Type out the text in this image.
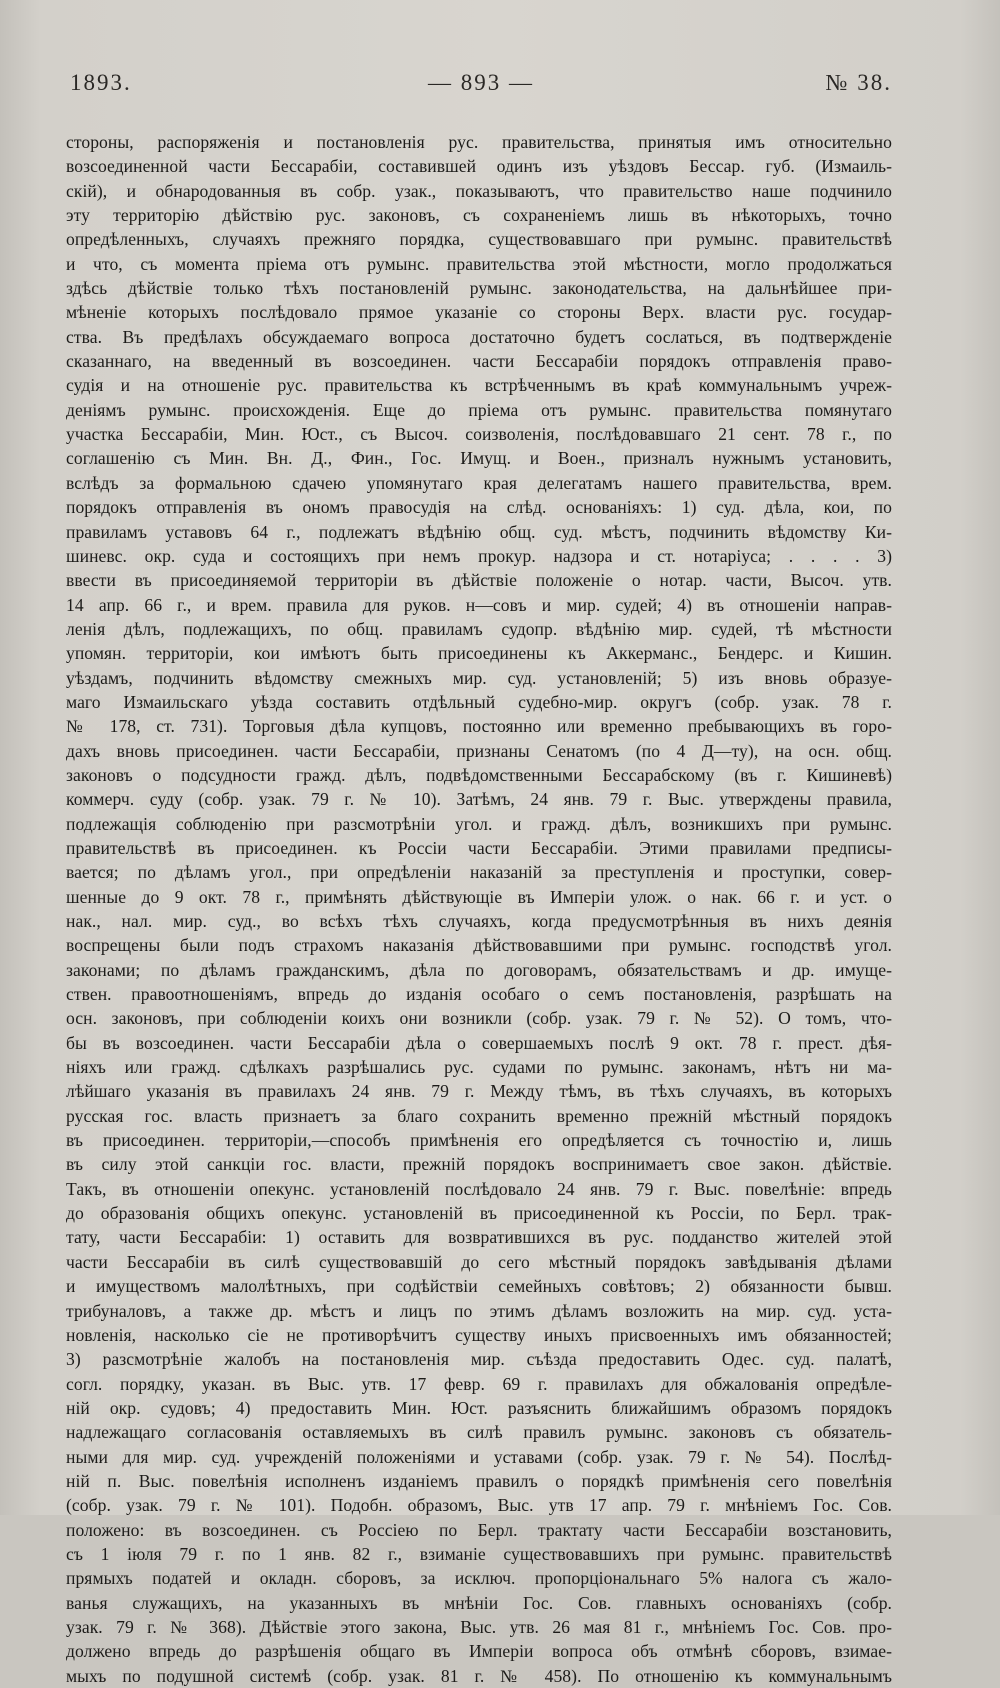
1893.	— 893 —	№ 38.
стороны, распоряженія и постановленія рус. правительства, принятыя имъ относительно
возсоединенной части Бессарабіи, составившей одинъ изъ уѣздовъ Бессар. губ. (Измаиль-
скій), и обнародованныя въ собр. узак., показываютъ, что правительство наше подчинило
эту территорію дѣйствію рус. законовъ, съ сохраненіемъ лишь въ нѣкоторыхъ, точно
опредѣленныхъ, случаяхъ прежняго порядка, существовавшаго при румынс. правительствѣ
и что, съ момента пріема отъ румынс. правительства этой мѣстности, могло продолжаться
здѣсь дѣйствіе только тѣхъ постановленій румынс. законодательства, на дальнѣйшее при-
мѣненіе которыхъ послѣдовало прямое указаніе со стороны Верх. власти рус. государ-
ства. Въ предѣлахъ обсуждаемаго вопроса достаточно будетъ сослаться, въ подтвержденіе
сказаннаго, на введенный въ возсоединен. части Бессарабіи порядокъ отправленія право-
судія и на отношеніе рус. правительства къ встрѣченнымъ въ краѣ коммунальнымъ учреж-
деніямъ румынс. происхожденія. Еще до пріема отъ румынс. правительства помянутаго
участка Бессарабіи, Мин. Юст., съ Высоч. соизволенія, послѣдовавшаго 21 сент. 78 г., по
соглашенію съ Мин. Вн. Д., Фин., Гос. Имущ. и Воен., призналъ нужнымъ установить,
вслѣдъ за формальною сдачею упомянутаго края делегатамъ нашего правительства, врем.
порядокъ отправленія въ ономъ правосудія на слѣд. основаніяхъ: 1) суд. дѣла, кои, по
правиламъ уставовъ 64 г., подлежатъ вѣдѣнію общ. суд. мѣстъ, подчинить вѣдомству Ки-
шиневс. окр. суда и состоящихъ при немъ прокур. надзора и ст. нотаріуса; . . . . 3)
ввести въ присоединяемой территоріи въ дѣйствіе положеніе о нотар. части, Высоч. утв.
14 апр. 66 г., и врем. правила для руков. н—совъ и мир. судей; 4) въ отношеніи направ-
ленія дѣлъ, подлежащихъ, по общ. правиламъ судопр. вѣдѣнію мир. судей, тѣ мѣстности
упомян. территоріи, кои имѣютъ быть присоединены къ Аккерманс., Бендерс. и Кишин.
уѣздамъ, подчинить вѣдомству смежныхъ мир. суд. установленій; 5) изъ вновь образуе-
маго Измаильскаго уѣзда составить отдѣльный судебно-мир. округъ (собр. узак. 78 г.
№ 178, ст. 731). Торговыя дѣла купцовъ, постоянно или временно пребывающихъ въ горо-
дахъ вновь присоединен. части Бессарабіи, признаны Сенатомъ (по 4 Д—ту), на осн. общ.
законовъ о подсудности гражд. дѣлъ, подвѣдомственными Бессарабскому (въ г. Кишиневѣ)
коммерч. суду (собр. узак. 79 г. № 10). Затѣмъ, 24 янв. 79 г. Выс. утверждены правила,
подлежащія соблюденію при разсмотрѣніи угол. и гражд. дѣлъ, возникшихъ при румынс.
правительствѣ въ присоединен. къ Россіи части Бессарабіи. Этими правилами предписы-
вается; по дѣламъ угол., при опредѣленіи наказаній за преступленія и проступки, совер-
шенные до 9 окт. 78 г., примѣнять дѣйствующіе въ Имперіи улож. о нак. 66 г. и уст. о
нак., нал. мир. суд., во всѣхъ тѣхъ случаяхъ, когда предусмотрѣнныя въ нихъ деянія
воспрещены были подъ страхомъ наказанія дѣйствовавшими при румынс. господствѣ угол.
законами; по дѣламъ гражданскимъ, дѣла по договорамъ, обязательствамъ и др. имуще-
ствен. правоотношеніямъ, впредь до изданія особаго о семъ постановленія, разрѣшать на
осн. законовъ, при соблюденіи коихъ они возникли (собр. узак. 79 г. № 52). О томъ, что-
бы въ возсоединен. части Бессарабіи дѣла о совершаемыхъ послѣ 9 окт. 78 г. прест. дѣя-
ніяхъ или гражд. сдѣлкахъ разрѣшались рус. судами по румынс. законамъ, нѣтъ ни ма-
лѣйшаго указанія въ правилахъ 24 янв. 79 г. Между тѣмъ, въ тѣхъ случаяхъ, въ которыхъ
русская гос. власть признаетъ за благо сохранить временно прежній мѣстный порядокъ
въ присоединен. территоріи,—способъ примѣненія его опредѣляется съ точностію и, лишь
въ силу этой санкціи гос. власти, прежній порядокъ воспринимаетъ свое закон. дѣйствіе.
Такъ, въ отношеніи опекунс. установленій послѣдовало 24 янв. 79 г. Выс. повелѣніе: впредь
до образованія общихъ опекунс. установленій въ присоединенной къ Россіи, по Берл. трак-
тату, части Бессарабіи: 1) оставить для возвратившихся въ рус. подданство жителей этой
части Бессарабіи въ силѣ существовавшій до сего мѣстный порядокъ завѣдыванія дѣлами
и имуществомъ малолѣтныхъ, при содѣйствіи семейныхъ совѣтовъ; 2) обязанности бывш.
трибуналовъ, а также др. мѣстъ и лицъ по этимъ дѣламъ возложить на мир. суд. уста-
новленія, насколько сіе не противорѣчитъ существу иныхъ присвоенныхъ имъ обязанностей;
3) разсмотрѣніе жалобъ на постановленія мир. съѣзда предоставить Одес. суд. палатѣ,
согл. порядку, указан. въ Выс. утв. 17 февр. 69 г. правилахъ для обжалованія опредѣле-
ній окр. судовъ; 4) предоставить Мин. Юст. разъяснить ближайшимъ образомъ порядокъ
надлежащаго согласованія оставляемыхъ въ силѣ правилъ румынс. законовъ съ обязатель-
ными для мир. суд. учрежденій положеніями и уставами (собр. узак. 79 г. № 54). Послѣд-
ній п. Выс. повелѣнія исполненъ изданіемъ правилъ о порядкѣ примѣненія сего повелѣнія
(собр. узак. 79 г. № 101). Подобн. образомъ, Выс. утв 17 апр. 79 г. мнѣніемъ Гос. Сов.
положено: въ возсоединен. съ Россіею по Берл. трактату части Бессарабіи возстановить,
съ 1 іюля 79 г. по 1 янв. 82 г., взиманіе существовавшихъ при румынс. правительствѣ
прямыхъ податей и окладн. сборовъ, за исключ. пропорціональнаго 5% налога съ жало-
ванья служащихъ, на указанныхъ въ мнѣніи Гос. Сов. главныхъ основаніяхъ (собр.
узак. 79 г. № 368). Дѣйствіе этого закона, Выс. утв. 26 мая 81 г., мнѣніемъ Гос. Сов. про-
должено впредь до разрѣшенія общаго въ Имперіи вопроса объ отмѣнѣ сборовъ, взимае-
мыхъ по подушной системѣ (собр. узак. 81 г. № 458). По отношенію къ коммунальнымъ
